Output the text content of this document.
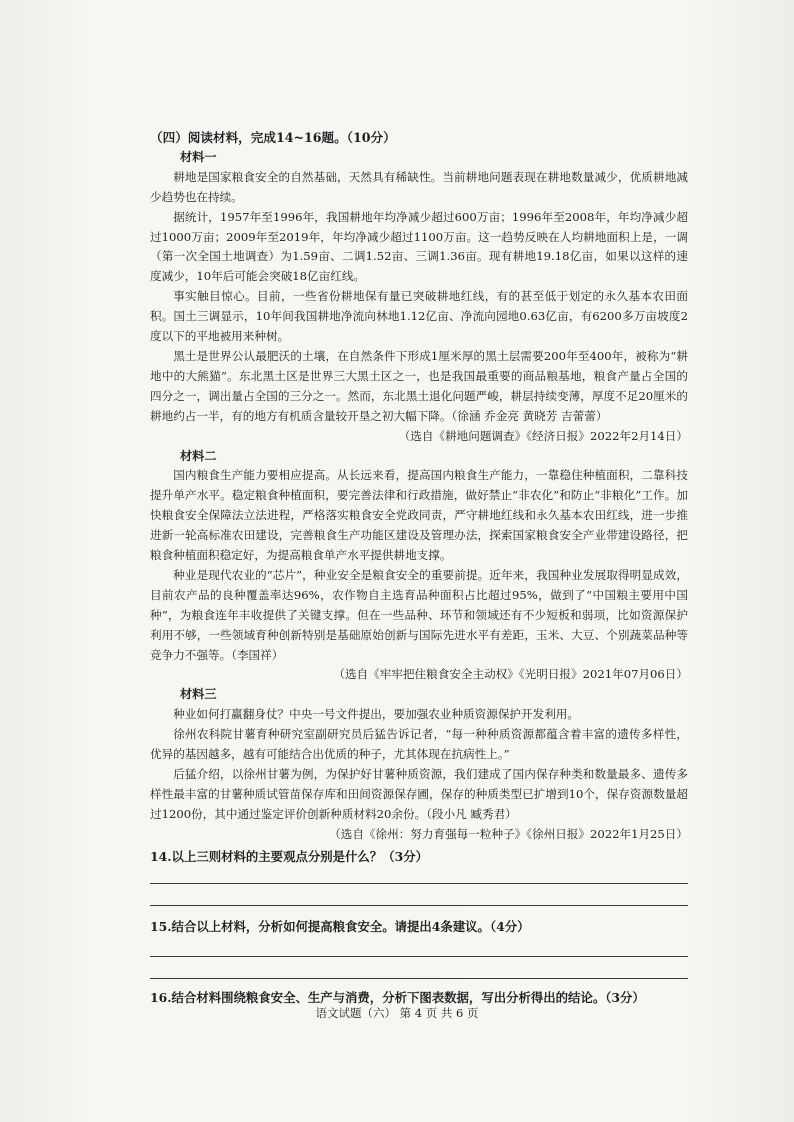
（四）阅读材料，完成14~16题。（10分）
材料一

耕地是国家粮食安全的自然基础，天然具有稀缺性。当前耕地问题表现在耕地数量减少，优质耕地减少趋势也在持续。

据统计，1957年至1996年，我国耕地年均净减少超过600万亩；1996年至2008年，年均净减少超过1000万亩；2009年至2019年，年均净减少超过1100万亩。这一趋势反映在人均耕地面积上是，一调（第一次全国土地调查）为1.59亩、二调1.52亩、三调1.36亩。现有耕地19.18亿亩，如果以这样的速度减少，10年后可能会突破18亿亩红线。

事实触目惊心。目前，一些省份耕地保有量已突破耕地红线，有的甚至低于划定的永久基本农田面积。国土三调显示，10年间我国耕地净流向林地1.12亿亩、净流向园地0.63亿亩，有6200多万亩坡度2度以下的平地被用来种树。

黑土是世界公认最肥沃的土壤，在自然条件下形成1厘米厚的黑土层需要200年至400年，被称为“耕地中的大熊猫”。东北黑土区是世界三大黑土区之一，也是我国最重要的商品粮基地，粮食产量占全国的四分之一，调出量占全国的三分之一。然而，东北黑土退化问题严峻，耕层持续变薄，厚度不足20厘米的耕地约占一半，有的地方有机质含量较开垦之初大幅下降。（徐涵 乔金亮 黄晓芳 吉蕾蕾）

（选自《耕地问题调查》《经济日报》2022年2月14日）

材料二

国内粮食生产能力要相应提高。从长远来看，提高国内粮食生产能力，一靠稳住种植面积，二靠科技提升单产水平。稳定粮食种植面积，要完善法律和行政措施，做好禁止“非农化”和防止“非粮化”工作。加快粮食安全保障法立法进程，严格落实粮食安全党政同责，严守耕地红线和永久基本农田红线，进一步推进新一轮高标准农田建设，完善粮食生产功能区建设及管理办法，探索国家粮食安全产业带建设路径，把粮食种植面积稳定好，为提高粮食单产水平提供耕地支撑。

种业是现代农业的“芯片”，种业安全是粮食安全的重要前提。近年来，我国种业发展取得明显成效，目前农产品的良种覆盖率达96%，农作物自主选育品种面积占比超过95%，做到了“中国粮主要用中国种”，为粮食连年丰收提供了关键支撑。但在一些品种、环节和领域还有不少短板和弱项，比如资源保护利用不够，一些领域育种创新特别是基础原始创新与国际先进水平有差距，玉米、大豆、个别蔬菜品种等竞争力不强等。（李国祥）

（选自《牢牢把住粮食安全主动权》《光明日报》2021年07月06日）

材料三

种业如何打赢翻身仗？中央一号文件提出，要加强农业种质资源保护开发利用。

徐州农科院甘薯育种研究室副研究员后猛告诉记者，“每一种种质资源都蕴含着丰富的遗传多样性，优异的基因越多，越有可能结合出优质的种子，尤其体现在抗病性上。”

后猛介绍，以徐州甘薯为例，为保护好甘薯种质资源，我们建成了国内保存种类和数量最多、遗传多样性最丰富的甘薯种质试管苗保存库和田间资源保存圃，保存的种质类型已扩增到10个，保存资源数量超过1200份，其中通过鉴定评价创新种质材料20余份。（段小凡 臧秀君）

（选自《徐州：努力育强每一粒种子》《徐州日报》2022年1月25日）

14.以上三则材料的主要观点分别是什么？（3分）
15.结合以上材料，分析如何提高粮食安全。请提出4条建议。（4分）
16.结合材料围绕粮食安全、生产与消费，分析下图表数据，写出分析得出的结论。（3分）
语文试题（六） 第 4 页 共 6 页
